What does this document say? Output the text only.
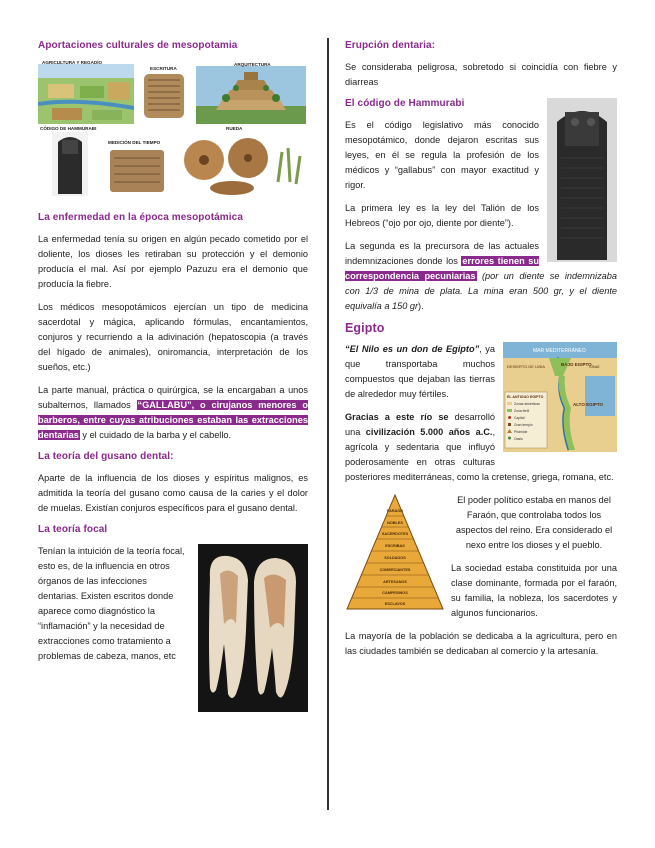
Aportaciones culturales de mesopotamia
AGRICULTURA Y REGADÍO
ESCRITURA
ARQUITECTURA
CÓDIGO DE HAMMURABI
MEDICIÓN DEL TIEMPO
RUEDA
La enfermedad en la época mesopotámica

La enfermedad tenía su origen en algún pecado cometido por el doliente, los dioses les retiraban su protección y el demonio producía el mal. Así por ejemplo Pazuzu era el demonio que producía la fiebre.

Los médicos mesopotámicos ejercían un tipo de medicina sacerdotal y mágica, aplicando fórmulas, encantamientos, conjuros y recurriendo a la adivinación (hepatoscopia (a través del hígado de animales), oniromancia, interpretación de los sueños, etc.)

La parte manual, práctica o quirúrgica, se la encargaban a unos subalternos, llamados “GALLABU”, o cirujanos menores o barberos, entre cuyas atribuciones estaban las extracciones dentarias y el cuidado de la barba y el cabello.

La teoría del gusano dental:

Aparte de la influencia de los dioses y espíritus malignos, es admitida la teoría del gusano como causa de la caries y el dolor de muelas. Existían conjuros específicos para el gusano dental.

La teoría focal

Tenían la intuición de la teoría focal, esto es, de la influencia en otros órganos de las infecciones dentarias. Existen escritos donde aparece como diagnóstico la “inflamación” y la necesidad de extracciones como tratamiento a problemas de cabeza, manos, etc

Erupción dentaria:

Se consideraba peligrosa, sobretodo si coincidía con fiebre y diarreas

El código de Hammurabi

Es el código legislativo más conocido mesopotámico, donde dejaron escritas sus leyes, en él se regula la profesión de los médicos y “gallabus” con mayor exactitud y rigor.

La primera ley es la ley del Talión de los Hebreos (“ojo por ojo, diente por diente”).

La segunda es la precursora de las actuales indemnizaciones donde los errores tienen su correspondencia pecuniarias (por un diente se indemnizaba con 1/3 de mina de plata. La mina eran 500 gr, y el diente equivalía a 150 gr).

Egipto
MAR MEDITERRÁNEO
BAJO EGIPTO
ALTO EGIPTO
DESIERTO DE LIBIA	SINAÍ
EL ANTIGUO EGIPTO
Zonas desérticas
Zona fértil
Capital
Gran templo
Pirámide
Oasis

“El Nilo es un don de Egipto”, ya que transportaba muchos compuestos que dejaban las tierras de alrededor muy fértiles.

Gracias a este río se desarrolló una civilización 5.000 años a.C., agrícola y sedentaria que influyó poderosamente en otras culturas posteriores mediterráneas, como la cretense, griega, romana, etc.

FARAÓN
NOBLES
SACERDOTES
ESCRIBAS
SOLDADOS
COMERCIANTES
ARTESANOS
CAMPESINOS
ESCLAVOS

El poder político estaba en manos del Faraón, que controlaba todos los aspectos del reino. Era considerado el nexo entre los dioses y el pueblo.

La sociedad estaba constituida por una clase dominante, formada por el faraón, su familia, la nobleza, los sacerdotes y algunos funcionarios.

La mayoría de la población se dedicaba a la agricultura, pero en las ciudades también se dedicaban al comercio y la artesanía.
